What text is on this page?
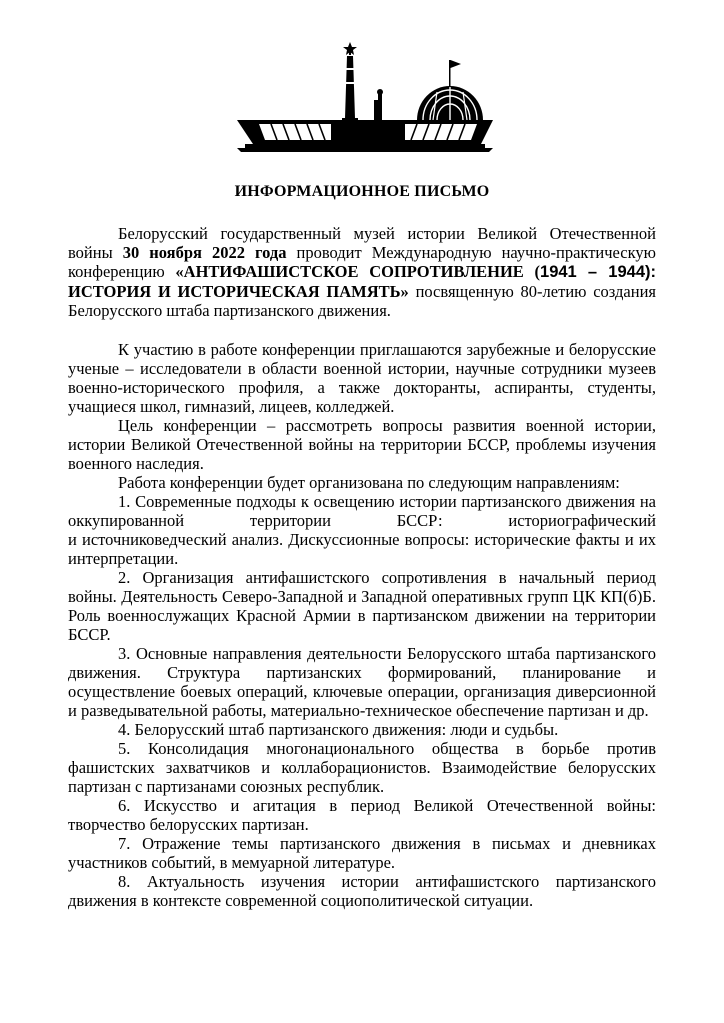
ИНФОРМАЦИОННОЕ ПИСЬМО

Белорусский государственный музей истории Великой Отечественной войны 30 ноября 2022 года проводит Международную научно-практическую конференцию «АНТИФАШИСТСКОЕ СОПРОТИВЛЕНИЕ (1941 – 1944): ИСТОРИЯ И ИСТОРИЧЕСКАЯ ПАМЯТЬ» посвященную 80-летию создания Белорусского штаба партизанского движения.

К участию в работе конференции приглашаются зарубежные и белорусские ученые – исследователи в области военной истории, научные сотрудники музеев военно-исторического профиля, а также докторанты, аспиранты, студенты, учащиеся школ, гимназий, лицеев, колледжей.

Цель конференции – рассмотреть вопросы развития военной истории, истории Великой Отечественной войны на территории БССР, проблемы изучения военного наследия.

Работа конференции будет организована по следующим направлениям:

1. Современные подходы к освещению истории партизанского движения на оккупированной территории БССР: историографический

и источниковедческий анализ. Дискуссионные вопросы: исторические факты и их интерпретации.

2. Организация антифашистского сопротивления в начальный период войны. Деятельность Северо-Западной и Западной оперативных групп ЦК КП(б)Б. Роль военнослужащих Красной Армии в партизанском движении на территории БССР.

3. Основные направления деятельности Белорусского штаба партизанского движения. Структура партизанских формирований, планирование и осуществление боевых операций, ключевые операции, организация диверсионной и разведывательной работы, материально-техническое обеспечение партизан и др.

4. Белорусский штаб партизанского движения: люди и судьбы.

5. Консолидация многонационального общества в борьбе против фашистских захватчиков и коллаборационистов. Взаимодействие белорусских партизан с партизанами союзных республик.

6. Искусство и агитация в период Великой Отечественной войны: творчество белорусских партизан.

7. Отражение темы партизанского движения в письмах и дневниках участников событий, в мемуарной литературе.

8. Актуальность изучения истории антифашистского партизанского движения в контексте современной социополитической ситуации.
